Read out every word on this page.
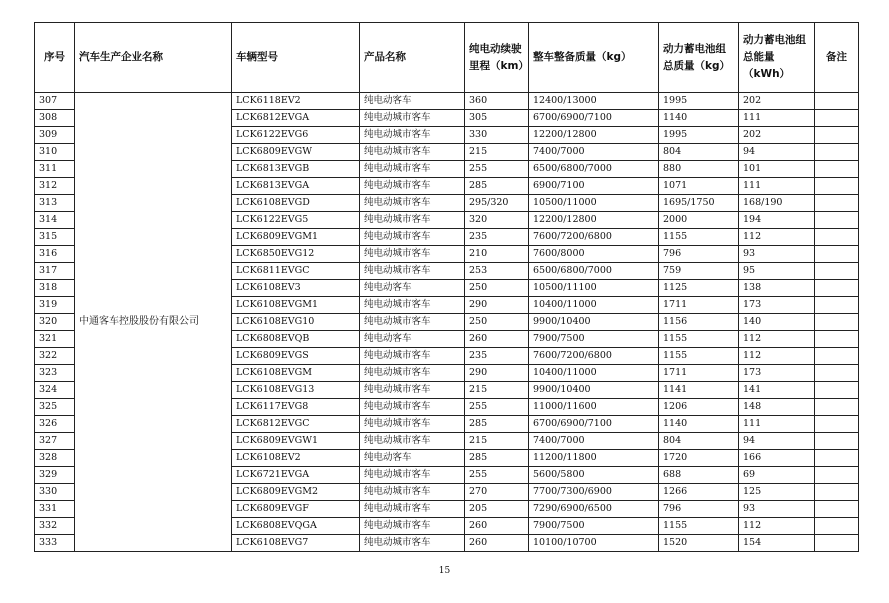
序号	汽车生产企业名称	车辆型号	产品名称	纯电动续驶里程（km）	整车整备质量（kg）	动力蓄电池组总质量（kg）	动力蓄电池组总能量（kWh）	备注
307	中通客车控股股份有限公司	LCK6118EV2	纯电动客车	360	12400/13000	1995	202	
308		LCK6812EVGA	纯电动城市客车	305	6700/6900/7100	1140	111	
309		LCK6122EVG6	纯电动城市客车	330	12200/12800	1995	202	
310		LCK6809EVGW	纯电动城市客车	215	7400/7000	804	94	
311		LCK6813EVGB	纯电动城市客车	255	6500/6800/7000	880	101	
312		LCK6813EVGA	纯电动城市客车	285	6900/7100	1071	111	
313		LCK6108EVGD	纯电动城市客车	295/320	10500/11000	1695/1750	168/190	
314		LCK6122EVG5	纯电动城市客车	320	12200/12800	2000	194	
315		LCK6809EVGM1	纯电动城市客车	235	7600/7200/6800	1155	112	
316		LCK6850EVG12	纯电动城市客车	210	7600/8000	796	93	
317		LCK6811EVGC	纯电动城市客车	253	6500/6800/7000	759	95	
318		LCK6108EV3	纯电动客车	250	10500/11100	1125	138	
319		LCK6108EVGM1	纯电动城市客车	290	10400/11000	1711	173	
320		LCK6108EVG10	纯电动城市客车	250	9900/10400	1156	140	
321		LCK6808EVQB	纯电动客车	260	7900/7500	1155	112	
322		LCK6809EVGS	纯电动城市客车	235	7600/7200/6800	1155	112	
323		LCK6108EVGM	纯电动城市客车	290	10400/11000	1711	173	
324		LCK6108EVG13	纯电动城市客车	215	9900/10400	1141	141	
325		LCK6117EVG8	纯电动城市客车	255	11000/11600	1206	148	
326		LCK6812EVGC	纯电动城市客车	285	6700/6900/7100	1140	111	
327		LCK6809EVGW1	纯电动城市客车	215	7400/7000	804	94	
328		LCK6108EV2	纯电动客车	285	11200/11800	1720	166	
329		LCK6721EVGA	纯电动城市客车	255	5600/5800	688	69	
330		LCK6809EVGM2	纯电动城市客车	270	7700/7300/6900	1266	125	
331		LCK6809EVGF	纯电动城市客车	205	7290/6900/6500	796	93	
332		LCK6808EVQGA	纯电动城市客车	260	7900/7500	1155	112	
333		LCK6108EVG7	纯电动城市客车	260	10100/10700	1520	154	
15
